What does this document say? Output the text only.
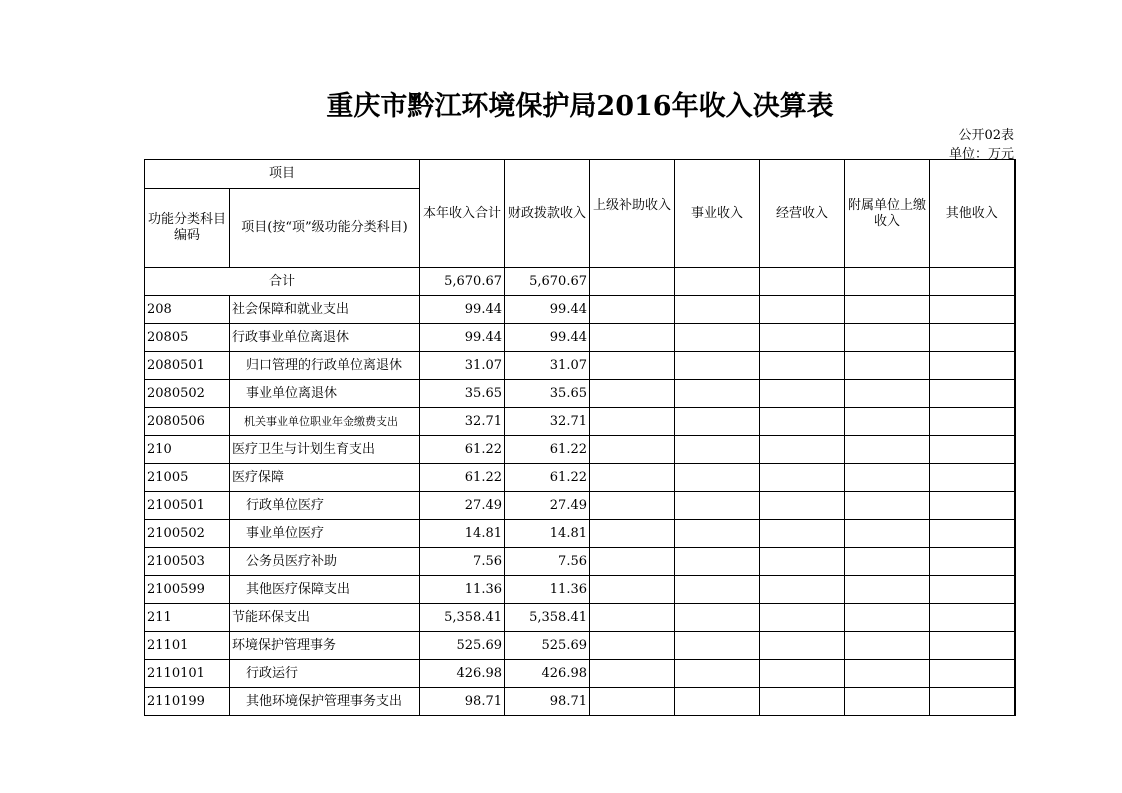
重庆市黔江环境保护局2016年收入决算表
公开02表
单位：万元
项目		本年收入合计	财政拨款收入	上级补助收入	事业收入	经营收入	附属单位上缴收入	其他收入
功能分类科目编码	项目(按“项”级功能分类科目)							
合计		5,670.67	5,670.67					
208	社会保障和就业支出	99.44	99.44					
20805	行政事业单位离退休	99.44	99.44					
2080501	归口管理的行政单位离退休	31.07	31.07					
2080502	事业单位离退休	35.65	35.65					
2080506	机关事业单位职业年金缴费支出	32.71	32.71					
210	医疗卫生与计划生育支出	61.22	61.22					
21005	医疗保障	61.22	61.22					
2100501	行政单位医疗	27.49	27.49					
2100502	事业单位医疗	14.81	14.81					
2100503	公务员医疗补助	7.56	7.56					
2100599	其他医疗保障支出	11.36	11.36					
211	节能环保支出	5,358.41	5,358.41					
21101	环境保护管理事务	525.69	525.69					
2110101	行政运行	426.98	426.98					
2110199	其他环境保护管理事务支出	98.71	98.71					
